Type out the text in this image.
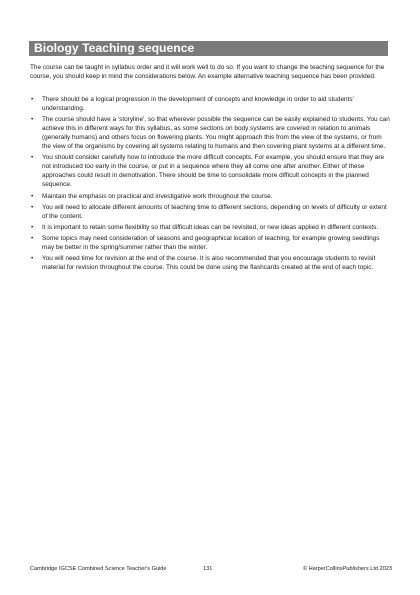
Biology Teaching sequence

The course can be taught in syllabus order and it will work well to do so. If you want to change the teaching sequence for the course, you should keep in mind the considerations below. An example alternative teaching sequence has been provided.

• There should be a logical progression in the development of concepts and knowledge in order to aid students' understanding.
• The course should have a 'storyline', so that wherever possible the sequence can be easily explained to students. You can achieve this in different ways for this syllabus, as some sections on body systems are covered in relation to animals (generally humans) and others focus on flowering plants. You might approach this from the view of the systems, or from the view of the organisms by covering all systems relating to humans and then covering plant systems at a different time.
• You should consider carefully how to introduce the more difficult concepts. For example, you should ensure that they are not introduced too early in the course, or put in a sequence where they all come one after another. Either of these approaches could result in demotivation. There should be time to consolidate more difficult concepts in the planned sequence.
• Maintain the emphasis on practical and investigative work throughout the course.
• You will need to allocate different amounts of teaching time to different sections, depending on levels of difficulty or extent of the content.
• It is important to retain some flexibility so that difficult ideas can be revisited, or new ideas applied in different contexts.
• Some topics may need consideration of seasons and geographical location of teaching, for example growing seedlings may be better in the spring/summer rather than the winter.
• You will need time for revision at the end of the course. It is also recommended that you encourage students to revisit material for revision throughout the course. This could be done using the flashcards created at the end of each topic.
Cambridge IGCSE Combined Science Teacher's Guide	131	© HarperCollinsPublishers Ltd 2023
